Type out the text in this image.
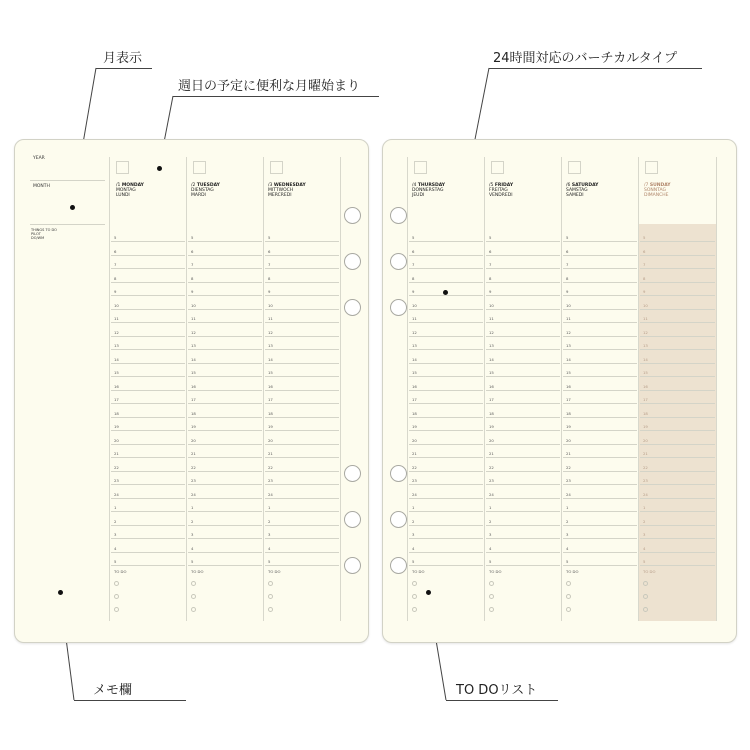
月表示
週日の予定に便利な月曜始まり
24時間対応のバーチカルタイプ
メモ欄	TO DOリスト
YEAR
MONTH
THINGS TO DO
PILOT
DO/WM
/1 MONDAY
MONTAG
LUNDI
/2 TUESDAY
DIENSTAG
MARDI
/3 WEDNESDAY
MITTWOCH
MERCREDI
5
6
7
8
9
10
11
12
13
14
15
16
17
18
19
20
21
22
23
24
1
2
3
4
5
TO DO
5
6
7
8
9
10
11
12
13
14
15
16
17
18
19
20
21
22
23
24
1
2
3
4
5
TO DO
5
6
7
8
9
10
11
12
13
14
15
16
17
18
19
20
21
22
23
24
1
2
3
4
5
TO DO
/4 THURSDAY
DONNERSTAG
JEUDI
/5 FRIDAY
FREITAG
VENDREDI
/6 SATURDAY
SAMSTAG
SAMEDI
/7 SUNDAY
SONNTAG
DIMANCHE
5
6
7
8
9
10
11
12
13
14
15
16
17
18
19
20
21
22
23
24
1
2
3
4
5
TO DO
5
6
7
8
9
10
11
12
13
14
15
16
17
18
19
20
21
22
23
24
1
2
3
4
5
TO DO
5
6
7
8
9
10
11
12
13
14
15
16
17
18
19
20
21
22
23
24
1
2
3
4
5
TO DO
5
6
7
8
9
10
11
12
13
14
15
16
17
18
19
20
21
22
23
24
1
2
3
4
5
TO DO
